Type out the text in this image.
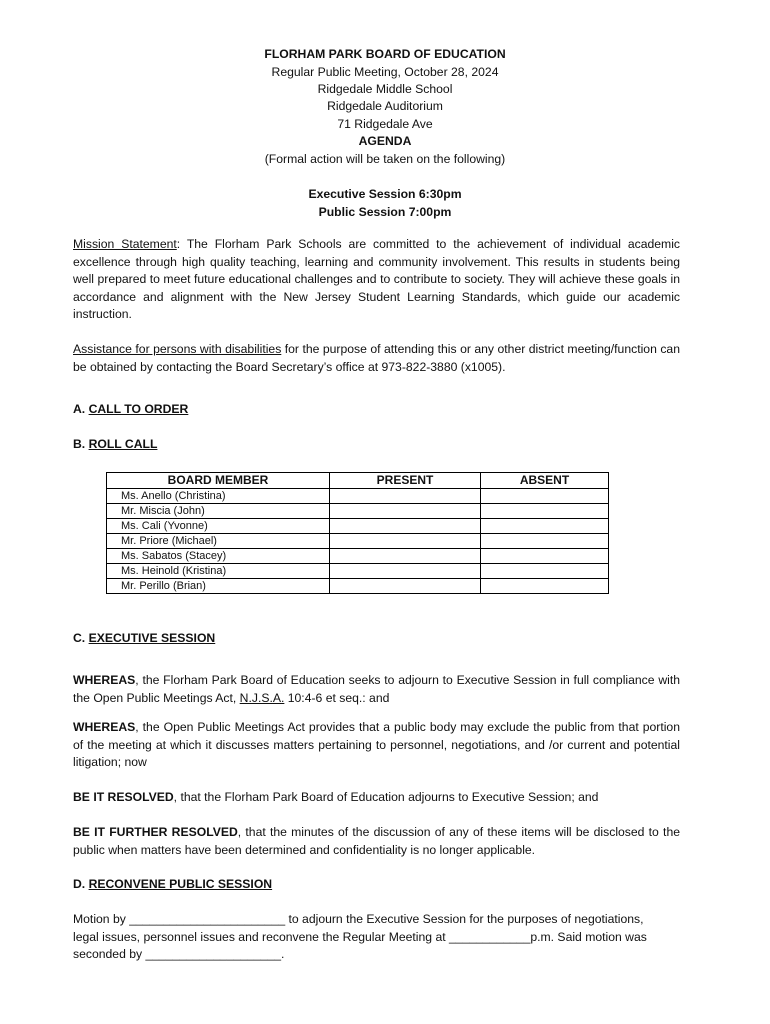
FLORHAM PARK BOARD OF EDUCATION
Regular Public Meeting, October 28, 2024
Ridgedale Middle School
Ridgedale Auditorium
71 Ridgedale Ave
AGENDA
(Formal action will be taken on the following)
Executive Session 6:30pm
Public Session 7:00pm
Mission Statement: The Florham Park Schools are committed to the achievement of individual academic excellence through high quality teaching, learning and community involvement. This results in students being well prepared to meet future educational challenges and to contribute to society. They will achieve these goals in accordance and alignment with the New Jersey Student Learning Standards, which guide our academic instruction.
Assistance for persons with disabilities for the purpose of attending this or any other district meeting/function can be obtained by contacting the Board Secretary’s office at 973-822-3880 (x1005).
A. CALL TO ORDER
B. ROLL CALL
BOARD MEMBER	PRESENT	ABSENT
Ms. Anello (Christina)		
Mr. Miscia (John)		
Ms. Cali (Yvonne)		
Mr. Priore (Michael)		
Ms. Sabatos (Stacey)		
Ms. Heinold (Kristina)		
Mr. Perillo (Brian)		
C. EXECUTIVE SESSION
WHEREAS, the Florham Park Board of Education seeks to adjourn to Executive Session in full compliance with the Open Public Meetings Act, N.J.S.A. 10:4-6 et seq.: and
WHEREAS, the Open Public Meetings Act provides that a public body may exclude the public from that portion of the meeting at which it discusses matters pertaining to personnel, negotiations, and /or current and potential litigation; now
BE IT RESOLVED, that the Florham Park Board of Education adjourns to Executive Session; and
BE IT FURTHER RESOLVED, that the minutes of the discussion of any of these items will be disclosed to the public when matters have been determined and confidentiality is no longer applicable.
D. RECONVENE PUBLIC SESSION
Motion by _______________________ to adjourn the Executive Session for the purposes of negotiations,
legal issues, personnel issues and reconvene the Regular Meeting at ____________p.m. Said motion was
seconded by ____________________.
